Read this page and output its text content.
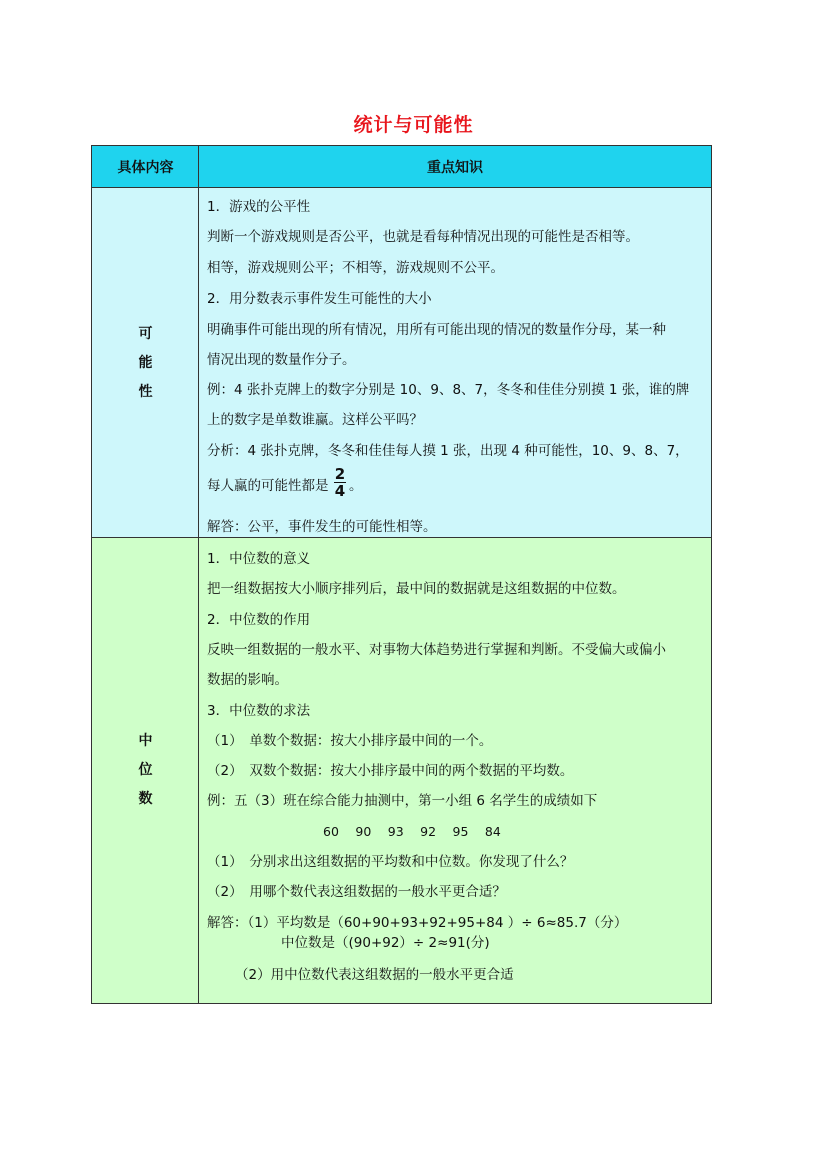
统计与可能性
具体内容	重点知识
可
能
性
1．游戏的公平性
判断一个游戏规则是否公平，也就是看每种情况出现的可能性是否相等。
相等，游戏规则公平；不相等，游戏规则不公平。
2．用分数表示事件发生可能性的大小
明确事件可能出现的所有情况，用所有可能出现的情况的数量作分母，某一种
情况出现的数量作分子。
例：4 张扑克牌上的数字分别是 10、9、8、7，冬冬和佳佳分别摸 1 张，谁的牌
上的数字是单数谁赢。这样公平吗？
分析：4 张扑克牌，冬冬和佳佳每人摸 1 张，出现 4 种可能性，10、9、8、7，
每人赢的可能性都是
2
4 。
解答：公平，事件发生的可能性相等。
中
位
数
1．中位数的意义
把一组数据按大小顺序排列后，最中间的数据就是这组数据的中位数。
2．中位数的作用
反映一组数据的一般水平、对事物大体趋势进行掌握和判断。不受偏大或偏小
数据的影响。
3．中位数的求法
（1）　单数个数据：按大小排序最中间的一个。
（2）　双数个数据：按大小排序最中间的两个数据的平均数。
例：五（3）班在综合能力抽测中，第一小组 6 名学生的成绩如下
60　 90　 93　 92　 95　 84
（1）　分别求出这组数据的平均数和中位数。你发现了什么？
（2）　用哪个数代表这组数据的一般水平更合适？
解答：（1）平均数是（60+90+93+92+95+84 ）÷ 6≈85.7（分）
中位数是（(90+92）÷ 2≈91(分)
（2）用中位数代表这组数据的一般水平更合适
